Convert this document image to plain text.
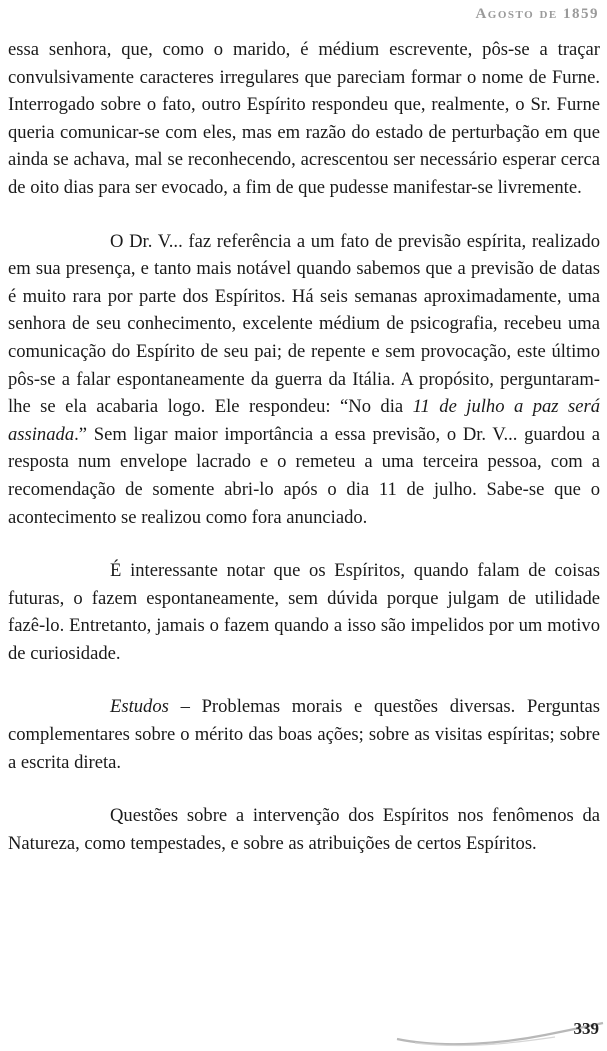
Agosto de 1859

essa senhora, que, como o marido, é médium escrevente, pôs-se a traçar convulsivamente caracteres irregulares que pareciam formar o nome de Furne. Interrogado sobre o fato, outro Espírito respondeu que, realmente, o Sr. Furne queria comunicar-se com eles, mas em razão do estado de perturbação em que ainda se achava, mal se reconhecendo, acrescentou ser necessário esperar cerca de oito dias para ser evocado, a fim de que pudesse manifestar-se livremente.

O Dr. V... faz referência a um fato de previsão espírita, realizado em sua presença, e tanto mais notável quando sabemos que a previsão de datas é muito rara por parte dos Espíritos. Há seis semanas aproximadamente, uma senhora de seu conhecimento, excelente médium de psicografia, recebeu uma comunicação do Espírito de seu pai; de repente e sem provocação, este último pôs-se a falar espontaneamente da guerra da Itália. A propósito, perguntaram-lhe se ela acabaria logo. Ele respondeu: “No dia 11 de julho a paz será assinada.” Sem ligar maior importância a essa previsão, o Dr. V... guardou a resposta num envelope lacrado e o remeteu a uma terceira pessoa, com a recomendação de somente abri-lo após o dia 11 de julho. Sabe-se que o acontecimento se realizou como fora anunciado.

É interessante notar que os Espíritos, quando falam de coisas futuras, o fazem espontaneamente, sem dúvida porque julgam de utilidade fazê-lo. Entretanto, jamais o fazem quando a isso são impelidos por um motivo de curiosidade.

Estudos – Problemas morais e questões diversas. Perguntas complementares sobre o mérito das boas ações; sobre as visitas espíritas; sobre a escrita direta.

Questões sobre a intervenção dos Espíritos nos fenômenos da Natureza, como tempestades, e sobre as atribuições de certos Espíritos.

339
